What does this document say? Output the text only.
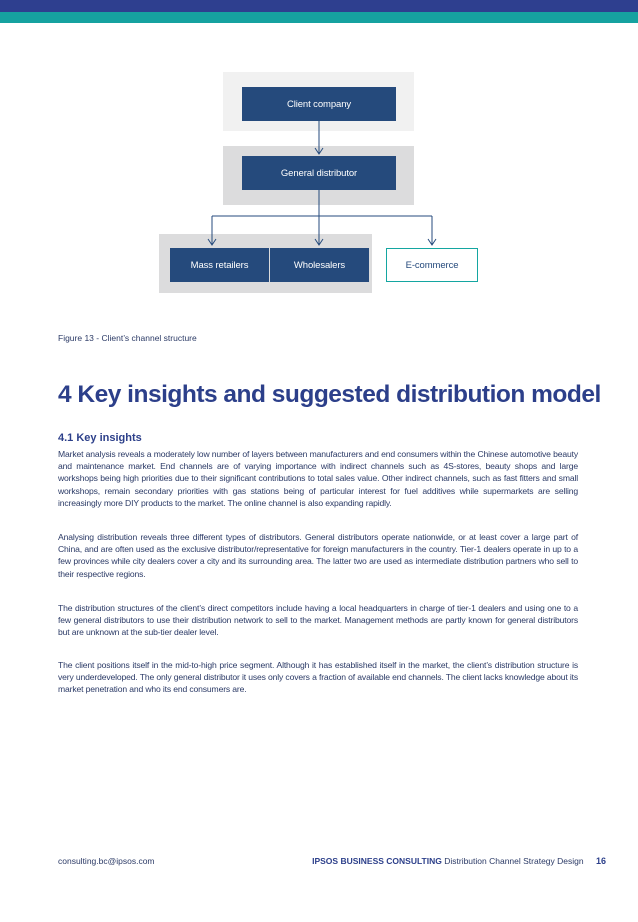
Client company
General distributor
Mass retailers	Wholesalers	E-commerce
Figure 13 - Client’s channel structure
4 Key insights and suggested distribution model
4.1 Key insights

Market analysis reveals a moderately low number of layers between manufacturers and end consumers within the Chinese automotive beauty and maintenance market. End channels are of varying importance with indirect channels such as 4S-stores, beauty shops and large workshops being high priorities due to their significant contributions to total sales value. Other indirect channels, such as fast fitters and small workshops, remain secondary priorities with gas stations being of particular interest for fuel additives while supermarkets are selling increasingly more DIY products to the market. The online channel is also expanding rapidly.

Analysing distribution reveals three different types of distributors. General distributors operate nationwide, or at least cover a large part of China, and are often used as the exclusive distributor/representative for foreign manufacturers in the country. Tier-1 dealers operate in up to a few provinces while city dealers cover a city and its surrounding area. The latter two are used as intermediate distribution partners who sell to their respective regions.

The distribution structures of the client’s direct competitors include having a local headquarters in charge of tier-1 dealers and using one to a few general distributors to use their distribution network to sell to the market. Management methods are partly known for general distributors but are unknown at the sub-tier dealer level.

The client positions itself in the mid-to-high price segment. Although it has established itself in the market, the client’s distribution structure is very underdeveloped. The only general distributor it uses only covers a fraction of available end channels. The client lacks knowledge about its market penetration and who its end consumers are.

consulting.bc@ipsos.com	IPSOS BUSINESS CONSULTING Distribution Channel Strategy Design 16
